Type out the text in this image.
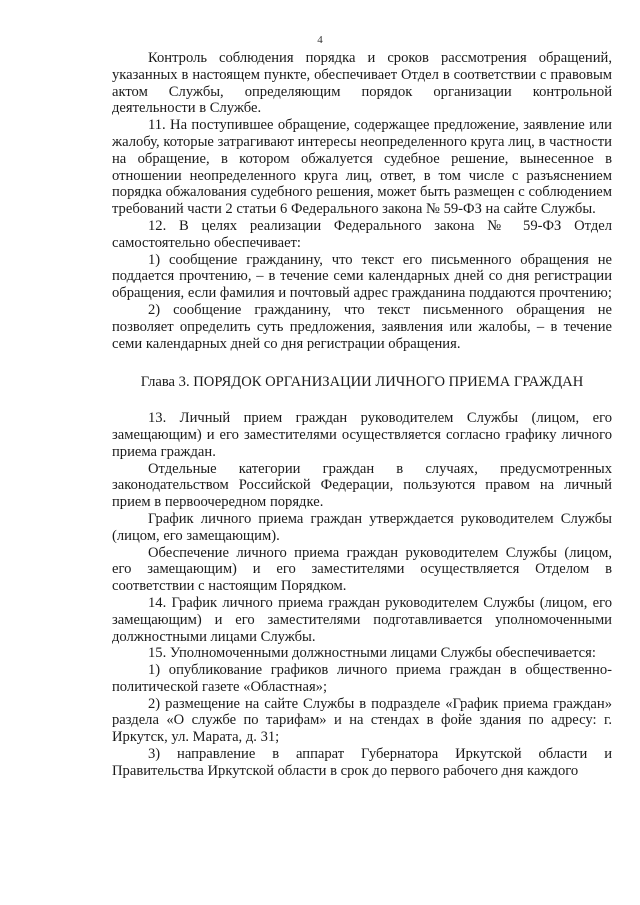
4

Контроль соблюдения порядка и сроков рассмотрения обращений, указанных в настоящем пункте, обеспечивает Отдел в соответствии с правовым актом Службы, определяющим порядок организации контрольной деятельности в Службе.

11. На поступившее обращение, содержащее предложение, заявление или жалобу, которые затрагивают интересы неопределенного круга лиц, в частности на обращение, в котором обжалуется судебное решение, вынесенное в отношении неопределенного круга лиц, ответ, в том числе с разъяснением порядка обжалования судебного решения, может быть размещен с соблюдением требований части 2 статьи 6 Федерального закона № 59-ФЗ на сайте Службы.

12. В целях реализации Федерального закона № 59-ФЗ Отдел самостоятельно обеспечивает:

1) сообщение гражданину, что текст его письменного обращения не поддается прочтению, – в течение семи календарных дней со дня регистрации обращения, если фамилия и почтовый адрес гражданина поддаются прочтению;

2) сообщение гражданину, что текст письменного обращения не позволяет определить суть предложения, заявления или жалобы, – в течение семи календарных дней со дня регистрации обращения.

Глава 3. ПОРЯДОК ОРГАНИЗАЦИИ ЛИЧНОГО ПРИЕМА ГРАЖДАН

13. Личный прием граждан руководителем Службы (лицом, его замещающим) и его заместителями осуществляется согласно графику личного приема граждан.

Отдельные категории граждан в случаях, предусмотренных законодательством Российской Федерации, пользуются правом на личный прием в первоочередном порядке.

График личного приема граждан утверждается руководителем Службы (лицом, его замещающим).

Обеспечение личного приема граждан руководителем Службы (лицом, его замещающим) и его заместителями осуществляется Отделом в соответствии с настоящим Порядком.

14. График личного приема граждан руководителем Службы (лицом, его замещающим) и его заместителями подготавливается уполномоченными должностными лицами Службы.

15. Уполномоченными должностными лицами Службы обеспечивается:

1) опубликование графиков личного приема граждан в общественно-политической газете «Областная»;

2) размещение на сайте Службы в подразделе «График приема граждан» раздела «О службе по тарифам» и на стендах в фойе здания по адресу: г. Иркутск, ул. Марата, д. 31;

3) направление в аппарат Губернатора Иркутской области и Правительства Иркутской области в срок до первого рабочего дня каждого
